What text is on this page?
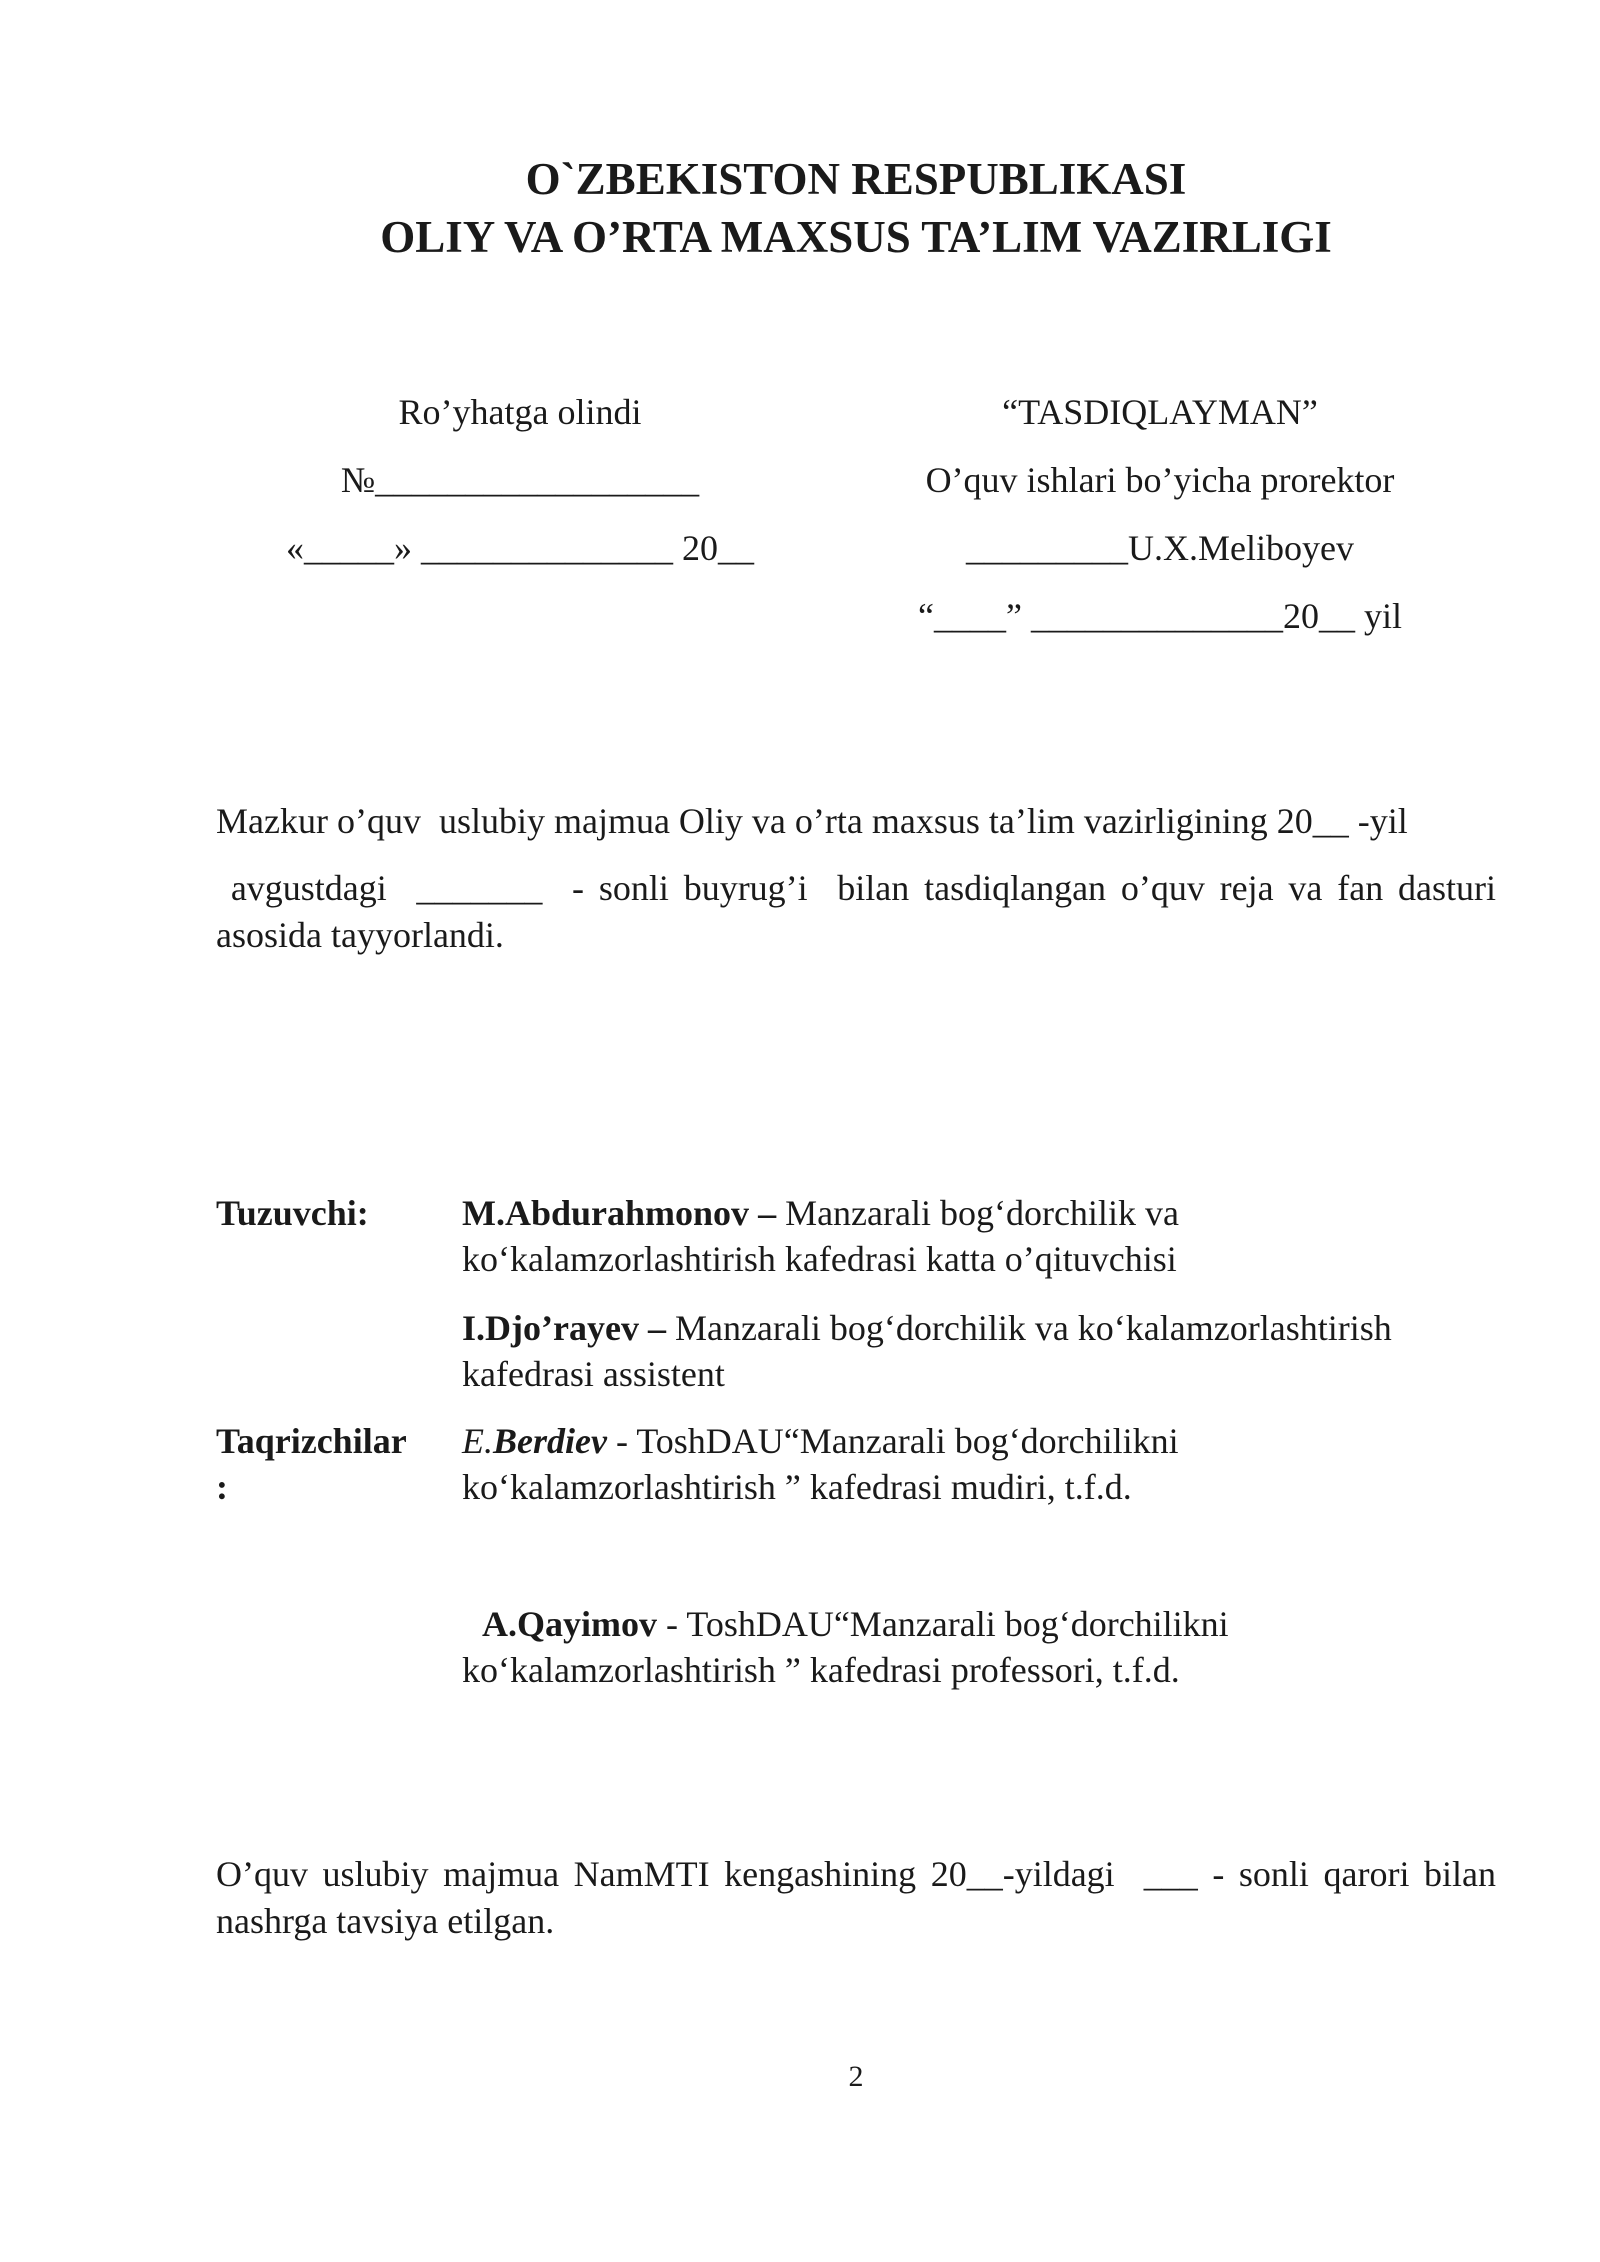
O`ZBEKISTON RESPUBLIKASI
OLIY VA O’RTA MAXSUS TA’LIM VAZIRLIGI
Ro’yhatga olindi
№__________________
«_____» ______________ 20__
“TASDIQLAYMAN”
O’quv ishlari bo’yicha prorektor
_________U.X.Meliboyev
“____” ______________20__ yil
Mazkur o’quv  uslubiy majmua Oliy va o’rta maxsus ta’lim vazirligining 20__ -yil
avgustdagi  _______  - sonli buyrug’i  bilan tasdiqlangan o’quv reja va fan dasturi
asosida tayyorlandi.
Tuzuvchi:	M.Abdurahmonov – Manzarali bog‘dorchilik va
ko‘kalamzorlashtirish kafedrasi katta o’qituvchisi
I.Djo’rayev – Manzarali bog‘dorchilik va ko‘kalamzorlashtirish
kafedrasi assistent
Taqrizchilar
:
E.Berdiev - ToshDAU“Manzarali bog‘dorchilikni
ko‘kalamzorlashtirish ” kafedrasi mudiri, t.f.d.
A.Qayimov - ToshDAU“Manzarali bog‘dorchilikni
ko‘kalamzorlashtirish ” kafedrasi professori, t.f.d.
O’quv uslubiy majmua NamMTI kengashining 20__-yildagi  ___ - sonli qarori bilan
nashrga tavsiya etilgan.
2
